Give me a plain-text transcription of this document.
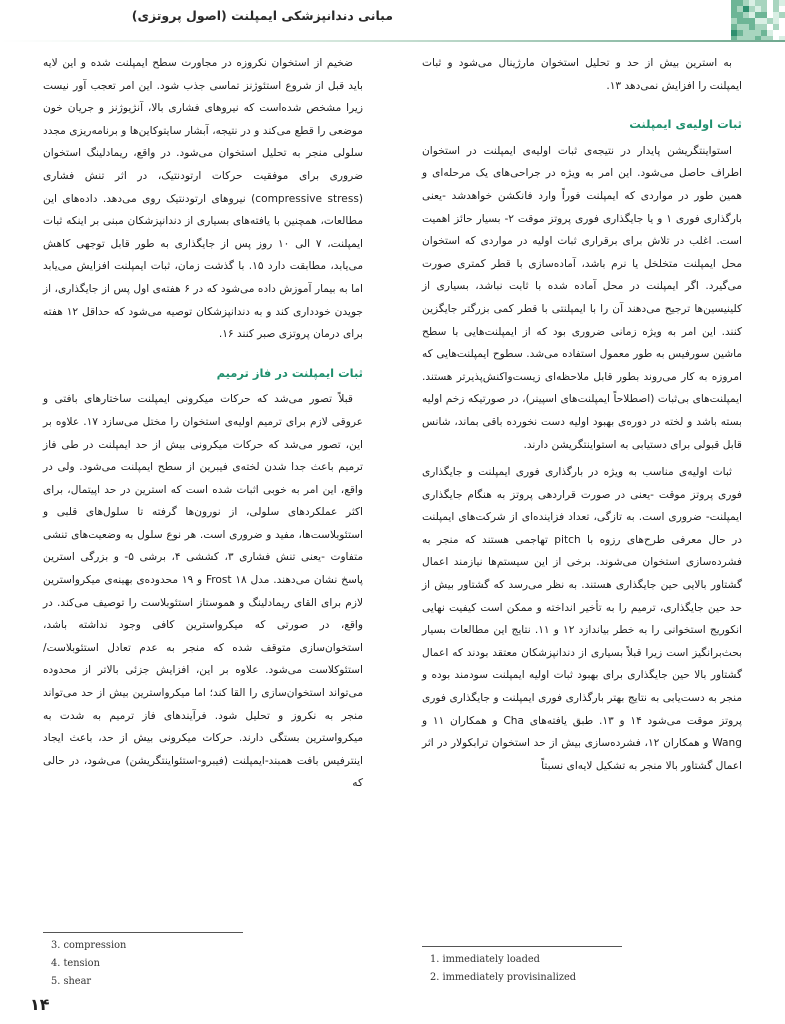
مبانی دندانپزشکی ایمپلنت (اصول پروتزی)

به استرین بیش از حد و تحلیل استخوان مارژینال می‌شود و ثبات ایمپلنت را افزایش نمی‌دهد ۱۳.

ثبات اولیه‌ی ایمپلنت

استواینتگریشن پایدار در نتیجه‌ی ثبات اولیه‌ی ایمپلنت در استخوان اطراف حاصل می‌شود. این امر به ویژه در جراحی‌های یک مرحله‌ای و همین طور در مواردی که ایمپلنت فوراً وارد فانکشن خواهدشد -یعنی بارگذاری فوری ۱ و یا جایگذاری فوری پروتز موقت ۲- بسیار حائز اهمیت است. اغلب در تلاش برای برقراری ثبات اولیه در مواردی که استخوان محل ایمپلنت متخلخل یا نرم باشد، آماده‌سازی با قطر کمتری صورت می‌گیرد. اگر ایمپلنت در محل آماده شده با ثابت نباشد، بسیاری از کلینیسین‌ها ترجیح می‌دهند آن را با ایمپلنتی با قطر کمی بزرگتر جایگزین کنند. این امر به ویژه زمانی ضروری بود که از ایمپلنت‌هایی با سطح ماشین سورفیس به طور معمول استفاده می‌شد. سطوح ایمپلنت‌هایی که امروزه به کار می‌روند بطور قابل ملاحظه‌ای زیست‌واکنش‌پذیرتر هستند. ایمپلنت‌های بی‌ثبات (اصطلاحاً ایمپلنت‌های اسپینر)، در صورتیکه زخم اولیه بسته باشد و لخته در دوره‌ی بهبود اولیه دست نخورده باقی بماند، شانس قابل قبولی برای دستیابی به استواینتگریشن دارند.

ثبات اولیه‌ی مناسب به ویژه در بارگذاری فوری ایمپلنت و جایگذاری فوری پروتز موقت -یعنی در صورت قراردهی پروتز به هنگام جایگذاری ایمپلنت- ضروری است. به تازگی، تعداد فزاینده‌ای از شرکت‌های ایمپلنت در حال معرفی طرح‌های رزوه با pitch تهاجمی هستند که منجر به فشرده‌سازی استخوان می‌شوند. برخی از این سیستم‌ها نیازمند اعمال گشتاور بالایی حین جایگذاری هستند. به نظر می‌رسد که گشتاور بیش از حد حین جایگذاری، ترمیم را به تأخیر انداخته و ممکن است کیفیت نهایی انکوریج استخوانی را به خطر بیاندازد ۱۲ و ۱۱. نتایج این مطالعات بسیار بحث‌برانگیز است زیرا قبلاً بسیاری از دندانپزشکان معتقد بودند که اعمال گشتاور بالا حین جایگذاری برای بهبود ثبات اولیه ایمپلنت سودمند بوده و منجر به دست‌یابی به نتایج بهتر بارگذاری فوری ایمپلنت و جایگذاری فوری پروتز موقت می‌شود ۱۴ و ۱۳. طبق یافته‌های Cha و همکاران ۱۱ و Wang و همکاران ۱۲، فشرده‌سازی بیش از حد استخوان ترابکولار در اثر اعمال گشتاور بالا منجر به تشکیل لایه‌ای نسبتاً

ضخیم از استخوان نکروزه در مجاورت سطح ایمپلنت شده و این لایه باید قبل از شروع استئوژنز تماسی جذب شود. این امر تعجب آور نیست زیرا مشخص شده‌است که نیروهای فشاری بالا، آنژیوژنز و جریان خون موضعی را قطع می‌کند و در نتیجه، آبشار سایتوکاین‌ها و برنامه‌ریزی مجدد سلولی منجر به تحلیل استخوان می‌شود. در واقع، ریمادلینگ استخوان ضروری برای موفقیت حرکات ارتودنتیک، در اثر تنش فشاری (compressive stress) نیروهای ارتودنتیک روی می‌دهد. داده‌های این مطالعات، همچنین با یافته‌های بسیاری از دندانپزشکان مبنی بر اینکه ثبات ایمپلنت، ۷ الی ۱۰ روز پس از جایگذاری به طور قابل توجهی کاهش می‌یابد، مطابقت دارد ۱۵. با گذشت زمان، ثبات ایمپلنت افزایش می‌یابد اما به بیمار آموزش داده می‌شود که در ۶ هفته‌ی اول پس از جایگذاری، از جویدن خودداری کند و به دندانپزشکان توصیه می‌شود که حداقل ۱۲ هفته برای درمان پروتزی صبر کنند ۱۶.

ثبات ایمپلنت در فاز ترمیم

قبلاً تصور می‌شد که حرکات میکرونی ایمپلنت ساختارهای بافتی و عروقی لازم برای ترمیم اولیه‌ی استخوان را مختل می‌سازد ۱۷. علاوه بر این، تصور می‌شد که حرکات میکرونی بیش از حد ایمپلنت در طی فاز ترمیم باعث جدا شدن لخته‌ی فیبرین از سطح ایمپلنت می‌شود. ولی در واقع، این امر به خوبی اثبات شده است که استرین در حد اپیتمال، برای اکثر عملکردهای سلولی، از نورون‌ها گرفته تا سلول‌های قلبی و استئوبلاست‌ها، مفید و ضروری است. هر نوع سلول به وضعیت‌های تنشی متفاوت -یعنی تنش فشاری ۳، کششی ۴، برشی ۵- و بزرگی استرین پاسخ نشان می‌دهند. مدل Frost ۱۸ و ۱۹ محدوده‌ی بهینه‌ی میکرواسترین لازم برای القای ریمادلینگ و هموستاز استئوبلاست را توصیف می‌کند. در واقع، در صورتی که میکرواسترین کافی وجود نداشته باشد، استخوان‌سازی متوقف شده که منجر به عدم تعادل استئوبلاست/استئوکلاست می‌شود. علاوه بر این، افزایش جزئی بالاتر از محدوده می‌تواند استخوان‌سازی را القا کند؛ اما میکرواسترین بیش از حد می‌تواند منجر به نکروز و تحلیل شود. فرآیندهای فاز ترمیم به شدت به میکرواسترین بستگی دارند. حرکات میکرونی بیش از حد، باعث ایجاد اینترفیس بافت همبند-ایمپلنت (فیبرو-استئواینتگریشن) می‌شود، در حالی که

1. immediately loaded
2. immediately provisinalized
3. compression
4. tension
5. shear
۱۴
